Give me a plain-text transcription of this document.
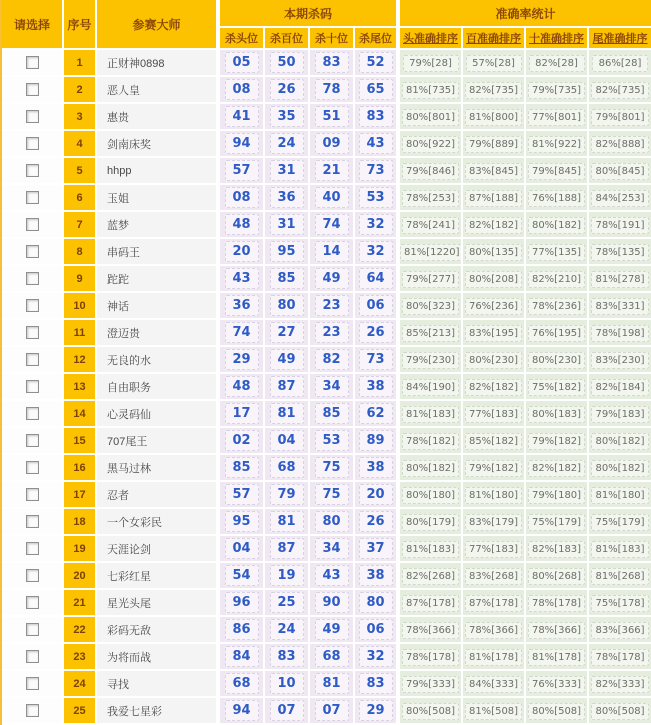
请选择	序号	参赛大师	本期杀码				准确率统计			
			杀头位	杀百位	杀十位	杀尾位	头准确排序	百准确排序	十准确排序	尾准确排序

	1	正财神0898	05	50	83	52	79%[28]	57%[28]	82%[28]	86%[28]

	2	恶人皇	08	26	78	65	81%[735]	82%[735]	79%[735]	82%[735]

	3	惠贵	41	35	51	83	80%[801]	81%[800]	77%[801]	79%[801]

	4	剑南床奖	94	24	09	43	80%[922]	79%[889]	81%[922]	82%[888]

	5	hhpp	57	31	21	73	79%[846]	83%[845]	79%[845]	80%[845]

	6	玉姐	08	36	40	53	78%[253]	87%[188]	76%[188]	84%[253]

	7	蓝梦	48	31	74	32	78%[241]	82%[182]	80%[182]	78%[191]

	8	串码王	20	95	14	32	81%[1220]	80%[135]	77%[135]	78%[135]

	9	跎跎	43	85	49	64	79%[277]	80%[208]	82%[210]	81%[278]

	10	神话	36	80	23	06	80%[323]	76%[236]	78%[236]	83%[331]

	11	澄迈贵	74	27	23	26	85%[213]	83%[195]	76%[195]	78%[198]

	12	无良的水	29	49	82	73	79%[230]	80%[230]	80%[230]	83%[230]

	13	自由职务	48	87	34	38	84%[190]	82%[182]	75%[182]	82%[184]

	14	心灵码仙	17	81	85	62	81%[183]	77%[183]	80%[183]	79%[183]

	15	707尾王	02	04	53	89	78%[182]	85%[182]	79%[182]	80%[182]

	16	黑马过林	85	68	75	38	80%[182]	79%[182]	82%[182]	80%[182]

	17	忍者	57	79	75	20	80%[180]	81%[180]	79%[180]	81%[180]

	18	一个女彩民	95	81	80	26	80%[179]	83%[179]	75%[179]	75%[179]

	19	天涯论剑	04	87	34	37	81%[183]	77%[183]	82%[183]	81%[183]

	20	七彩红星	54	19	43	38	82%[268]	83%[268]	80%[268]	81%[268]

	21	星光头尾	96	25	90	80	87%[178]	87%[178]	78%[178]	75%[178]

	22	彩码无敌	86	24	49	06	78%[366]	78%[366]	78%[366]	83%[366]

	23	为将而战	84	83	68	32	78%[178]	81%[178]	81%[178]	78%[178]

	24	寻找	68	10	81	83	79%[333]	84%[333]	76%[333]	82%[333]

	25	我爱七星彩	94	07	07	29	80%[508]	81%[508]	80%[508]	80%[508]
